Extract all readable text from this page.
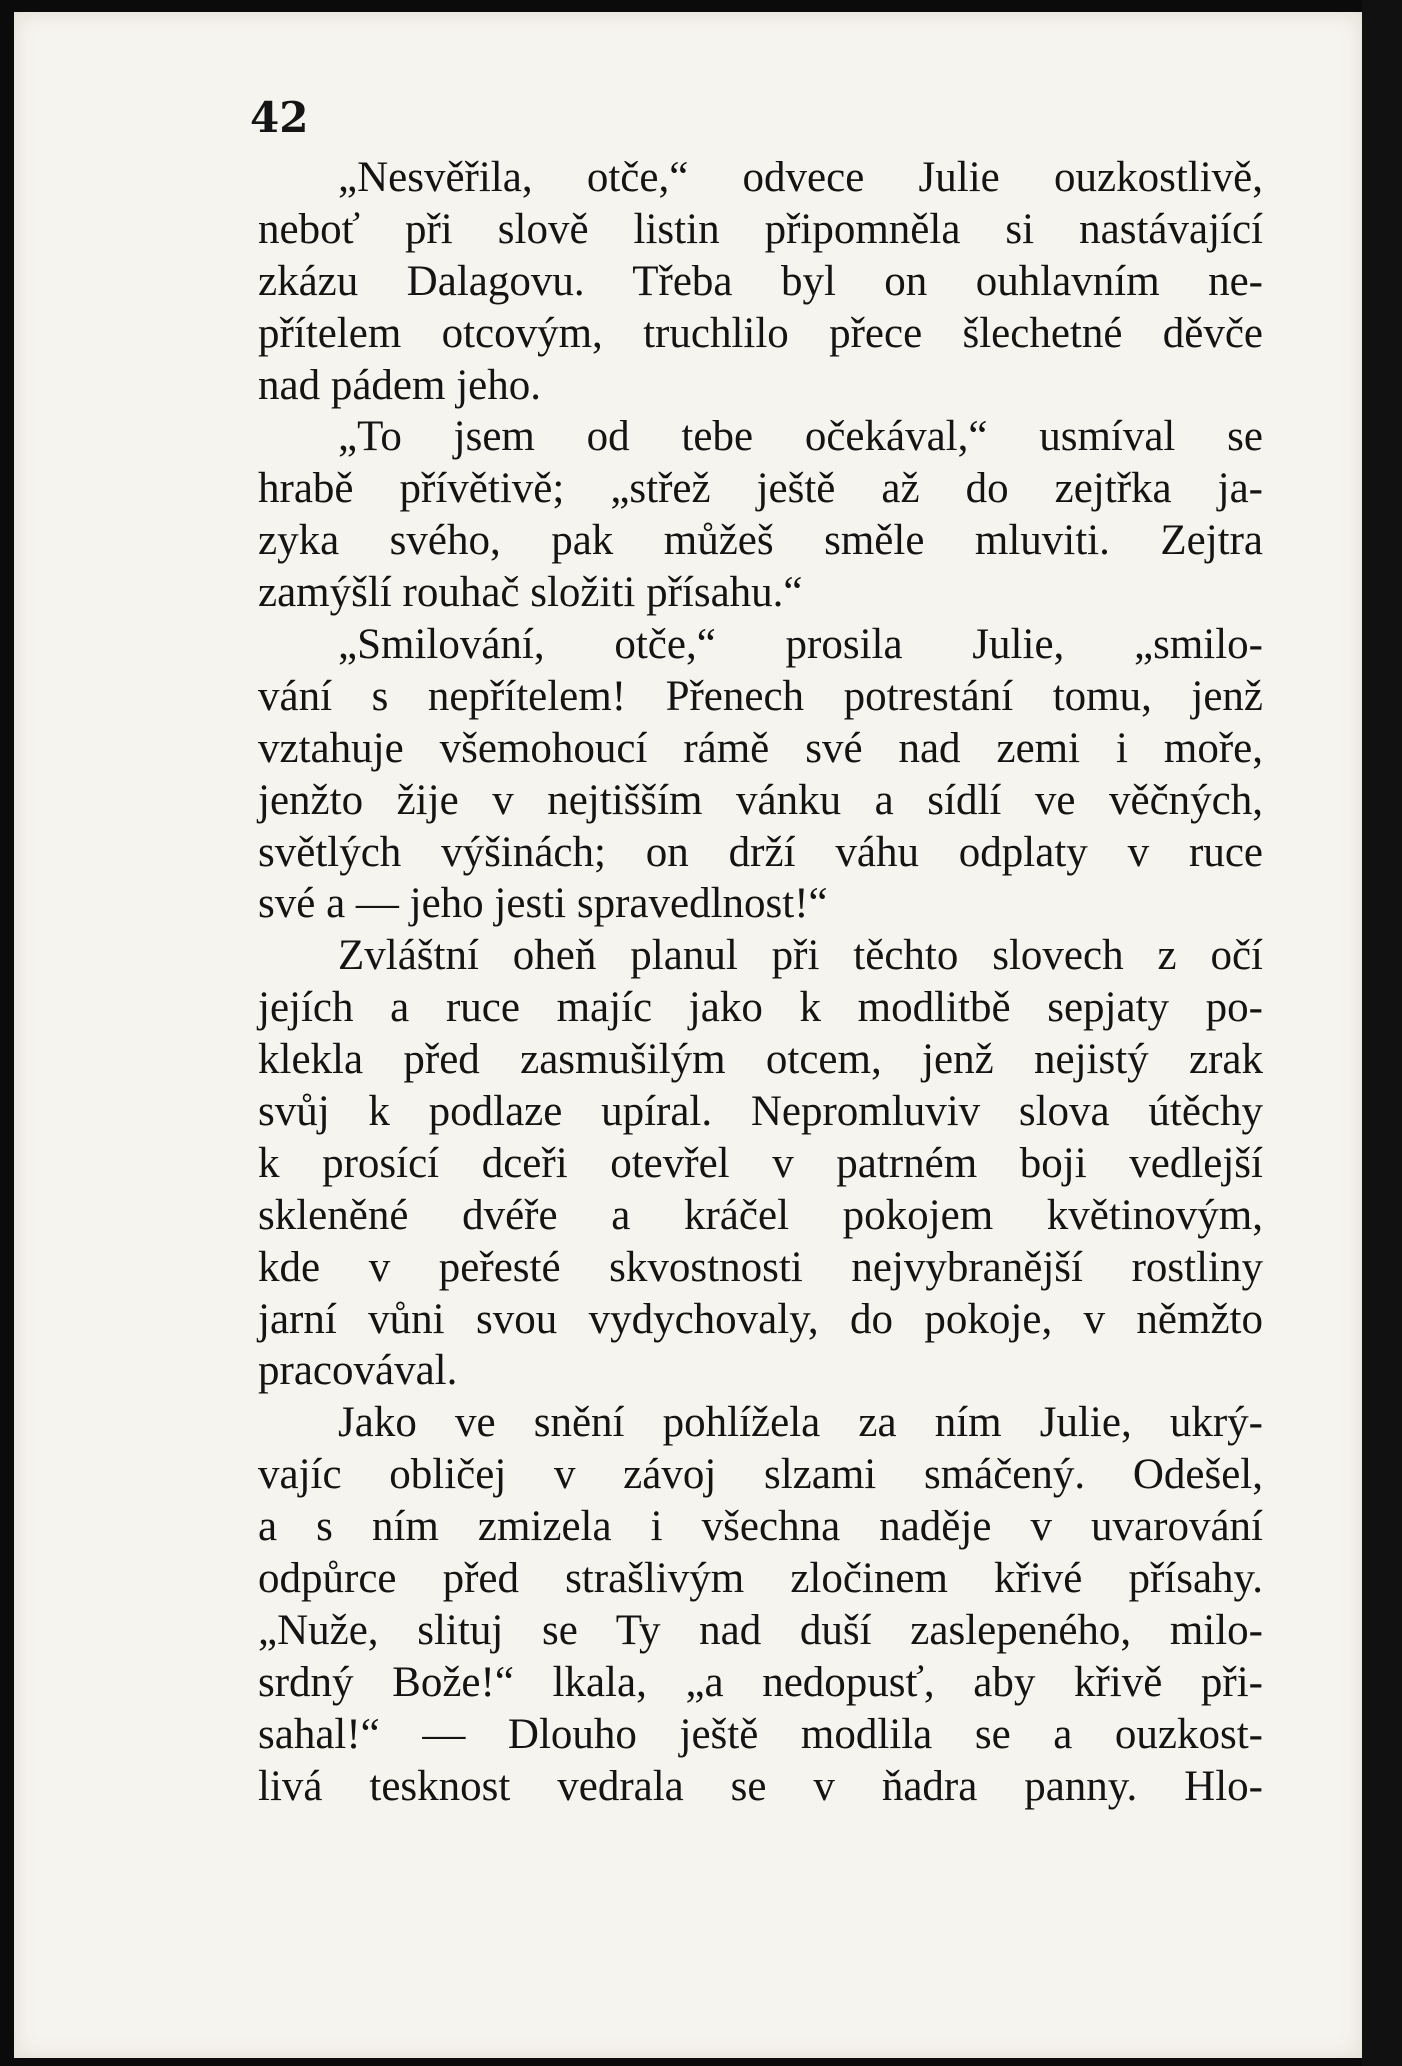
42
„Nesvěřila, otče,“ odvece Julie ouzkostlivě,
neboť při slově listin připomněla si nastávající
zkázu Dalagovu. Třeba byl on ouhlavním ne-
přítelem otcovým, truchlilo přece šlechetné děvče
nad pádem jeho.
„To jsem od tebe očekával,“ usmíval se
hrabě přívětivě; „střež ještě až do zejtřka ja-
zyka svého, pak můžeš směle mluviti. Zejtra
zamýšlí rouhač složiti přísahu.“
„Smilování, otče,“ prosila Julie, „smilo-
vání s nepřítelem! Přenech potrestání tomu, jenž
vztahuje všemohoucí rámě své nad zemi i moře,
jenžto žije v nejtišším vánku a sídlí ve věčných,
světlých výšinách; on drží váhu odplaty v ruce
své a — jeho jesti spravedlnost!“
Zvláštní oheň planul při těchto slovech z očí
jejích a ruce majíc jako k modlitbě sepjaty po-
klekla před zasmušilým otcem, jenž nejistý zrak
svůj k podlaze upíral. Nepromluviv slova útěchy
k prosící dceři otevřel v patrném boji vedlejší
skleněné dvéře a kráčel pokojem květinovým,
kde v peřesté skvostnosti nejvybranější rostliny
jarní vůni svou vydychovaly, do pokoje, v němžto
pracovával.
Jako ve snění pohlížela za ním Julie, ukrý-
vajíc obličej v závoj slzami smáčený. Odešel,
a s ním zmizela i všechna naděje v uvarování
odpůrce před strašlivým zločinem křivé přísahy.
„Nuže, slituj se Ty nad duší zaslepeného, milo-
srdný Bože!“ lkala, „a nedopusť, aby křivě při-
sahal!“ — Dlouho ještě modlila se a ouzkost-
livá tesknost vedrala se v ňadra panny. Hlo-
